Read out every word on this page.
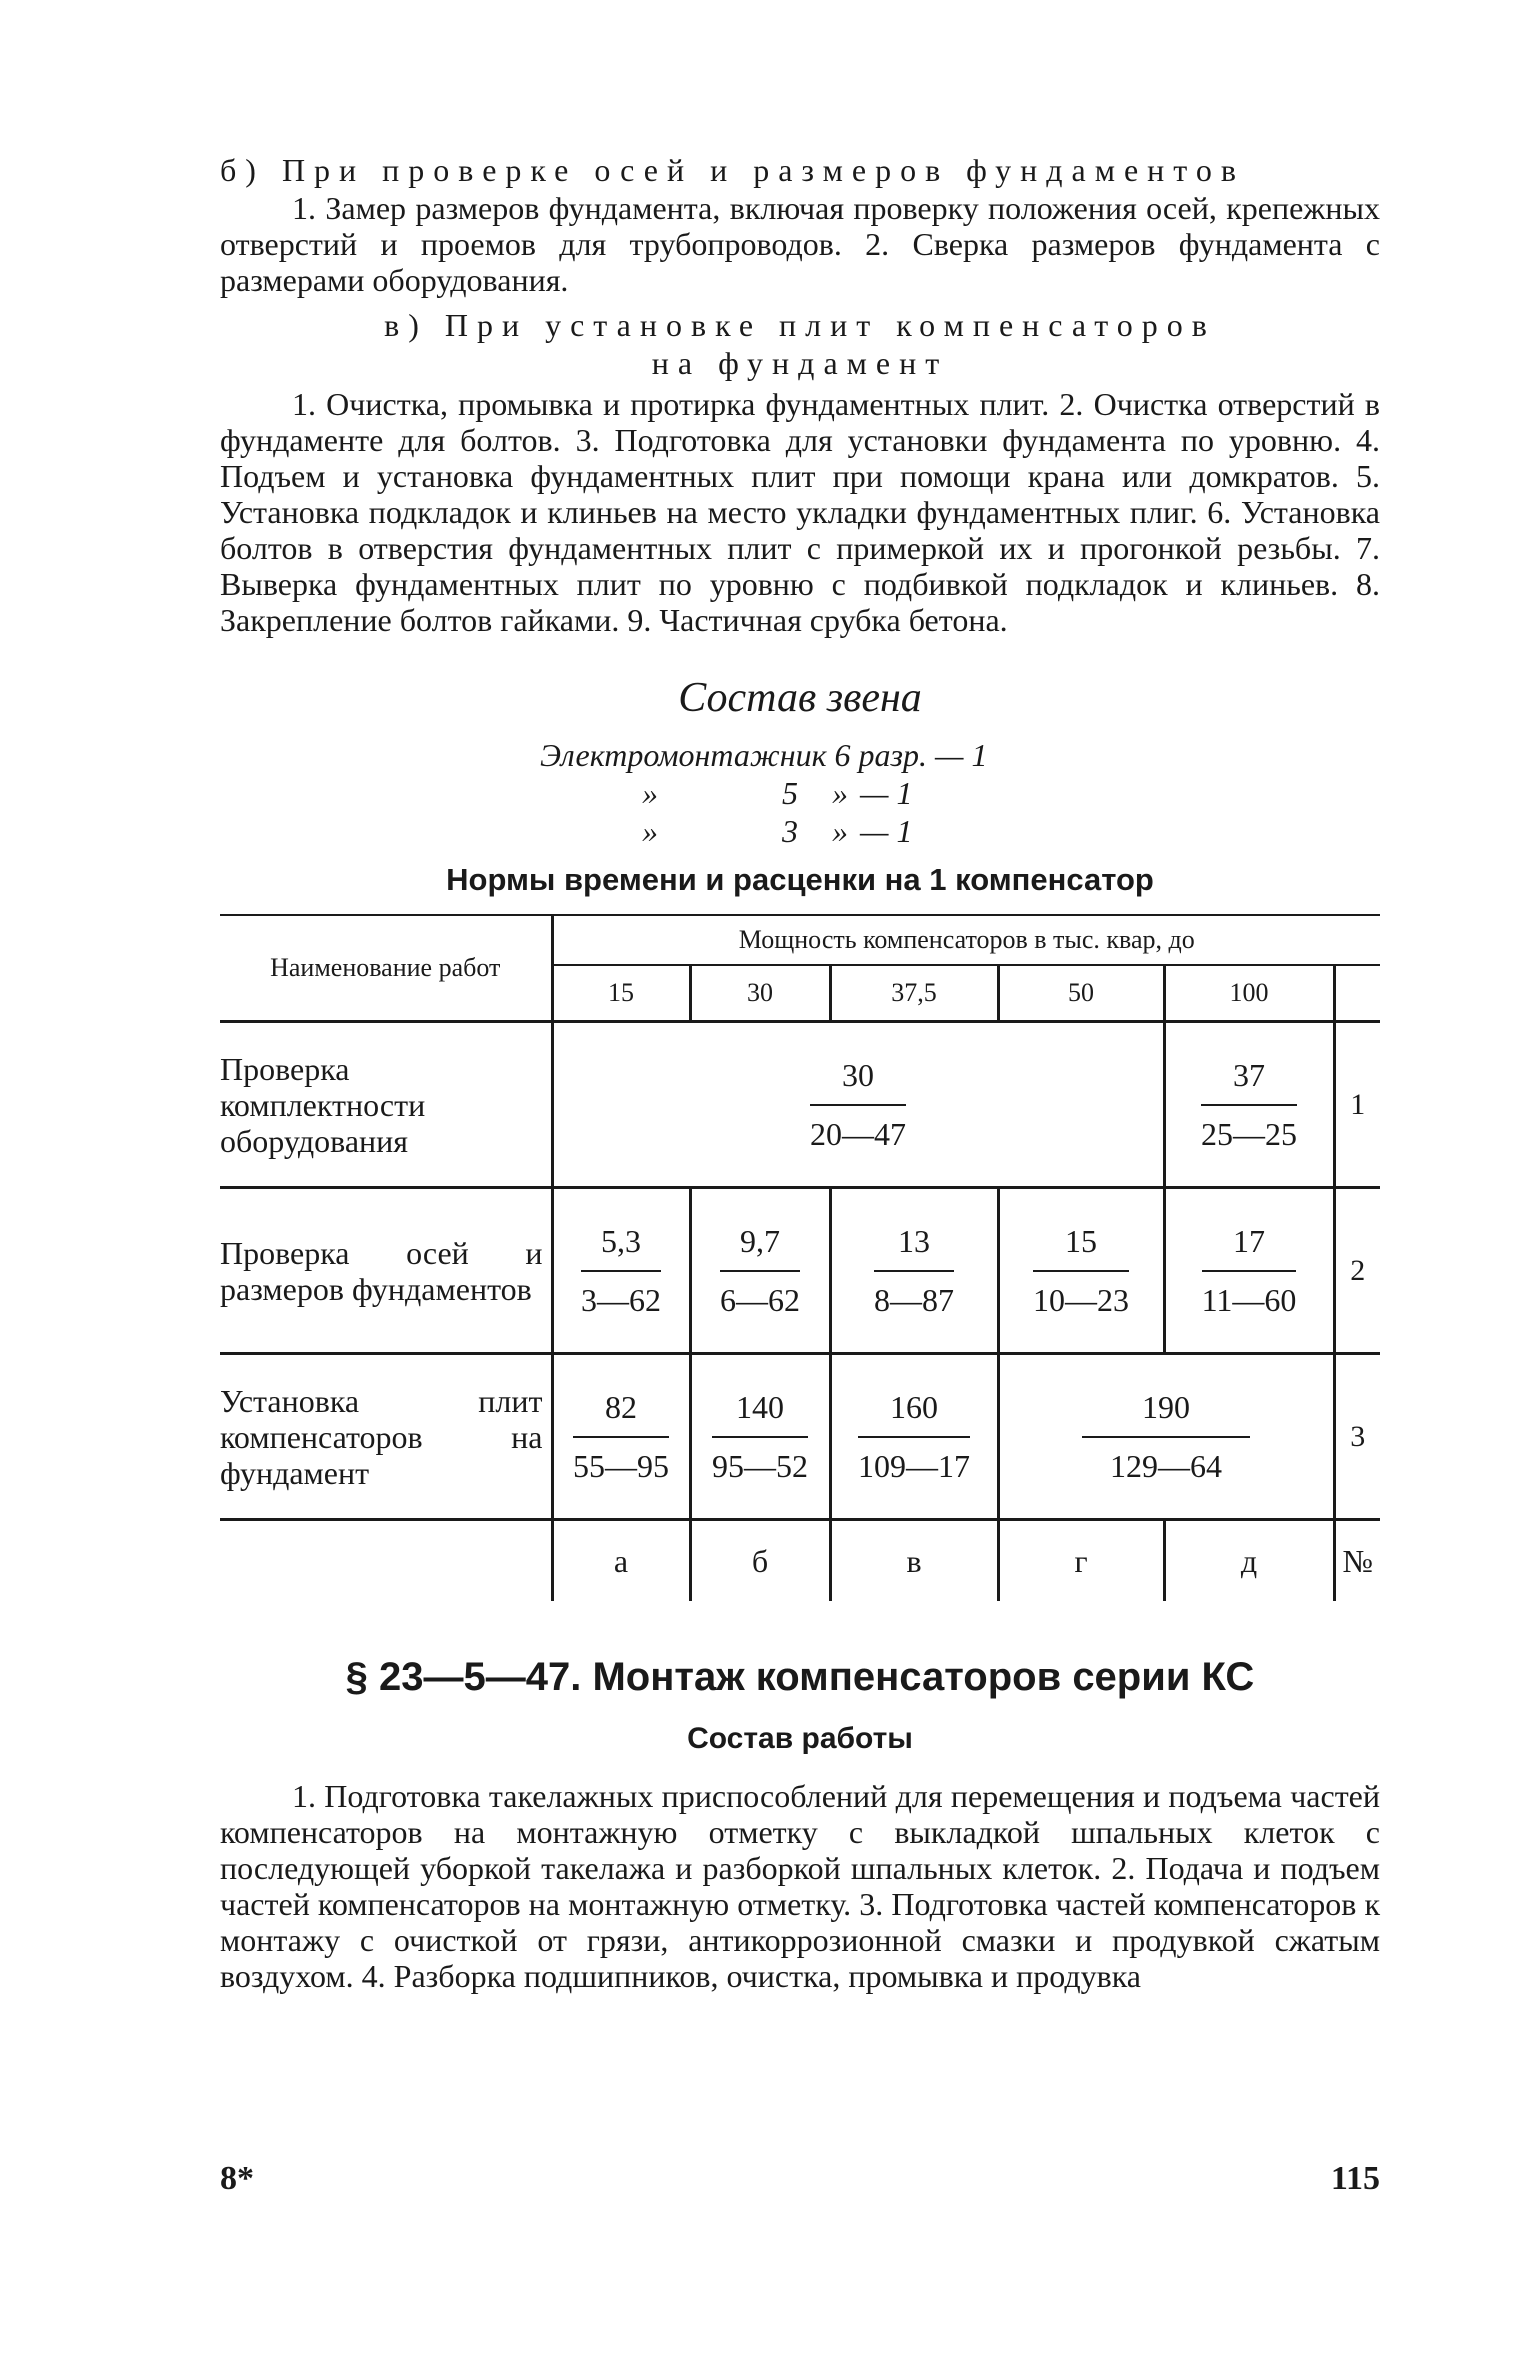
б) При проверке осей и размеров фундаментов

1. Замер размеров фундамента, включая проверку положения осей, крепежных отверстий и проемов для трубопроводов. 2. Сверка размеров фундамента с размерами оборудования.

в) При установке плит компенсаторов
на фундамент

1. Очистка, промывка и протирка фундаментных плит. 2. Очистка отверстий в фундаменте для болтов. 3. Подготовка для установки фундамента по уровню. 4. Подъем и установка фундаментных плит при помощи крана или домкратов. 5. Установка подкладок и клиньев на место укладки фундаментных плиг. 6. Установка болтов в отверстия фундаментных плит с примеркой их и прогонкой резьбы. 7. Выверка фундаментных плит по уровню с подбивкой подкладок и клиньев. 8. Закрепление болтов гайками. 9. Частичная срубка бетона.

Состав звена
Электромонтажник 6 разр. — 1
»	5	» — 1
»	3	» — 1
Нормы времени и расценки на 1 компенсатор
Наименование работ	Мощность компенсаторов в тыс. квар, до					
	15	30	37,5	50	100	
Проверка комплектности оборудования	$\frac{30}{20—47}$				$\frac{37}{25—25}$	1
Проверка осей и размеров фундаментов	$\frac{5,3}{3—62}$	$\frac{9,7}{6—62}$	$\frac{13}{8—87}$	$\frac{15}{10—23}$	$\frac{17}{11—60}$	2
Установка плит компенсаторов на фундамент	$\frac{82}{55—95}$	$\frac{140}{95—52}$	$\frac{160}{109—17}$	$\frac{190}{129—64}$		3
	а	б	в	г	д	№
§ 23—5—47. Монтаж компенсаторов серии КС
Состав работы

1. Подготовка такелажных приспособлений для перемещения и подъема частей компенсаторов на монтажную отметку с выкладкой шпальных клеток с последующей уборкой такелажа и разборкой шпальных клеток. 2. Подача и подъем частей компенсаторов на монтажную отметку. 3. Подготовка частей компенсаторов к монтажу с очисткой от грязи, антикоррозионной смазки и продувкой сжатым воздухом. 4. Разборка подшипников, очистка, промывка и продувка

8*	115
